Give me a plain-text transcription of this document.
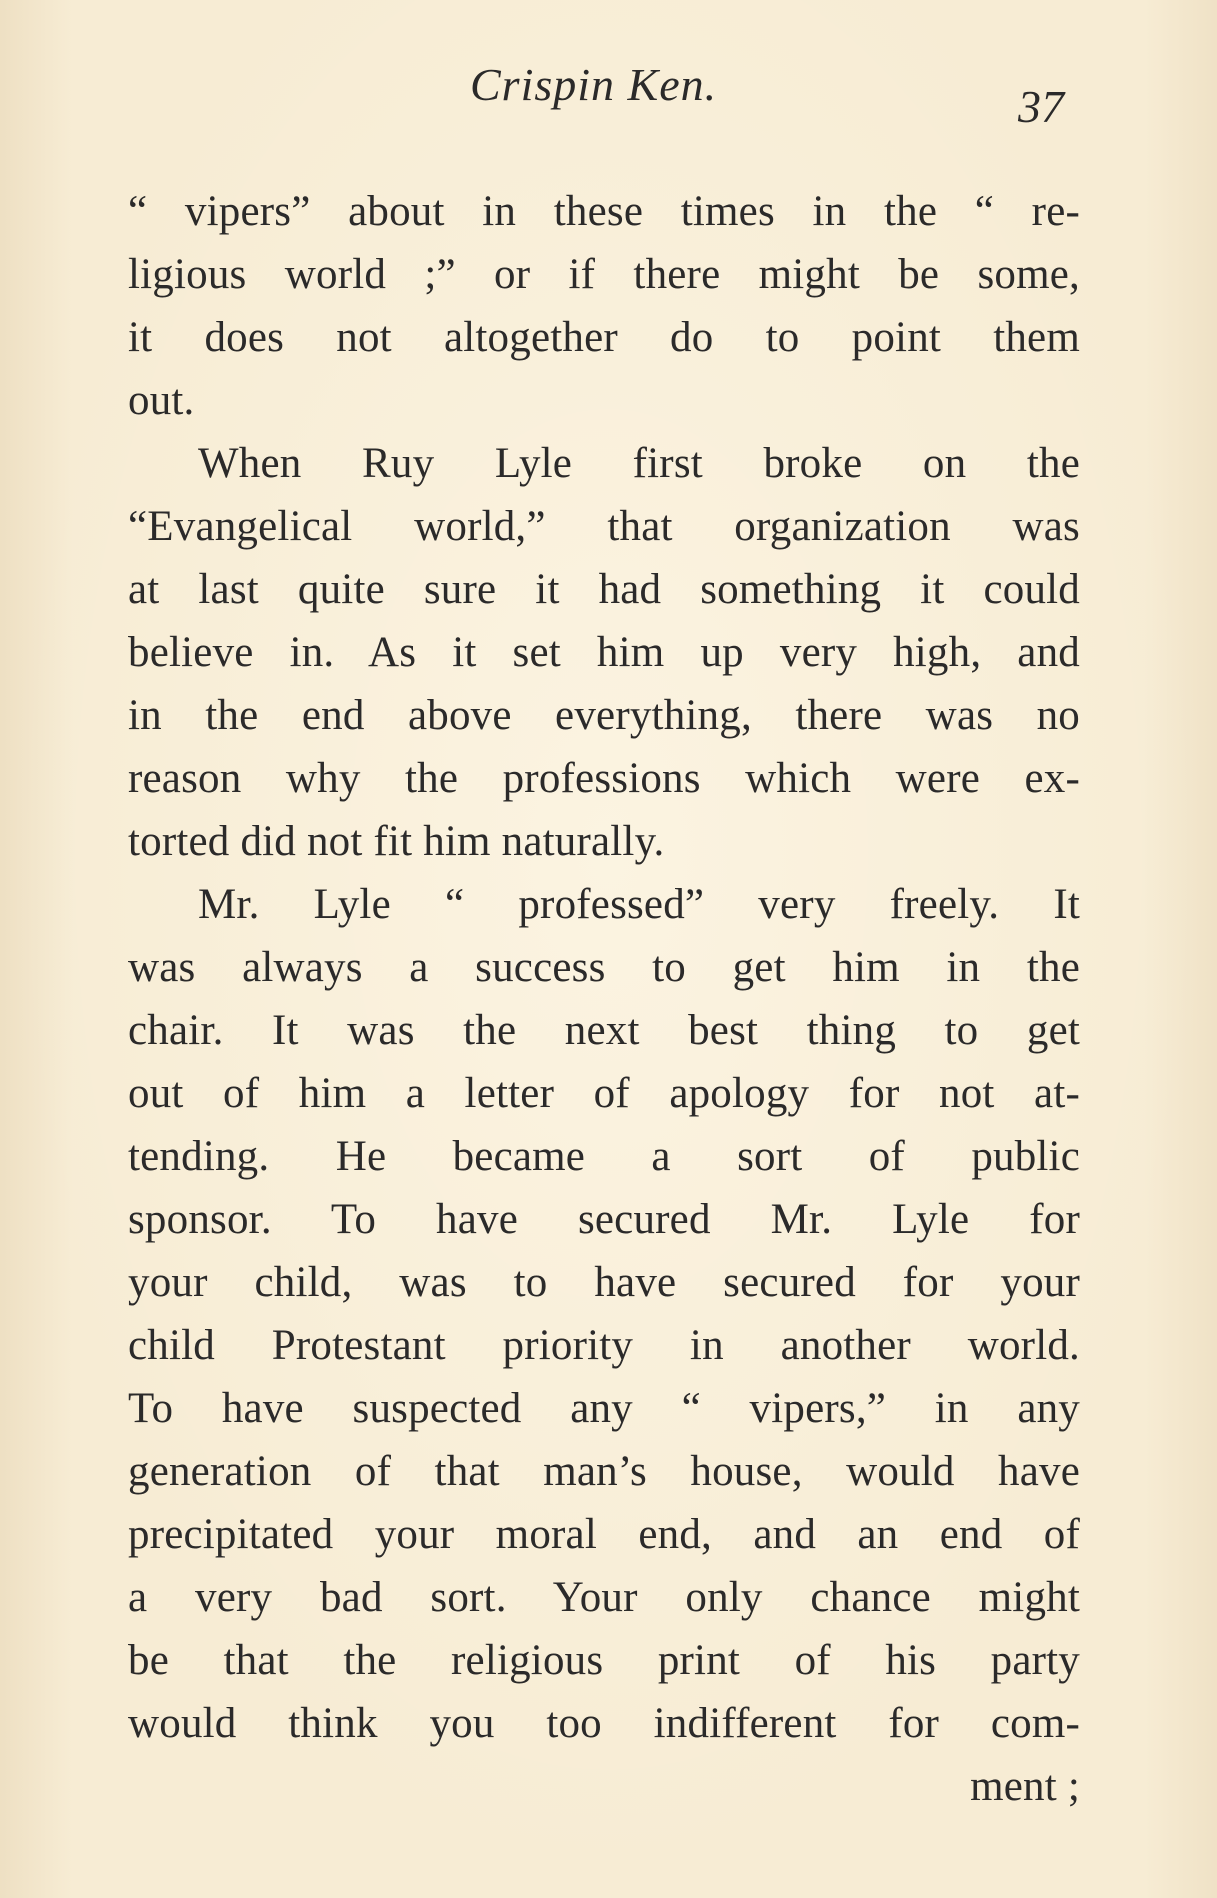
Crispin Ken.	37
“ vipers” about in these times in the “ re-
ligious world ;” or if there might be some,
it does not altogether do to point them
out.
When Ruy Lyle first broke on the
“Evangelical world,” that organization was
at last quite sure it had something it could
believe in. As it set him up very high, and
in the end above everything, there was no
reason why the professions which were ex-
torted did not fit him naturally.
Mr. Lyle “ professed” very freely. It
was always a success to get him in the
chair. It was the next best thing to get
out of him a letter of apology for not at-
tending. He became a sort of public
sponsor. To have secured Mr. Lyle for
your child, was to have secured for your
child Protestant priority in another world.
To have suspected any “ vipers,” in any
generation of that man’s house, would have
precipitated your moral end, and an end of
a very bad sort. Your only chance might
be that the religious print of his party
would think you too indifferent for com-
ment ;
